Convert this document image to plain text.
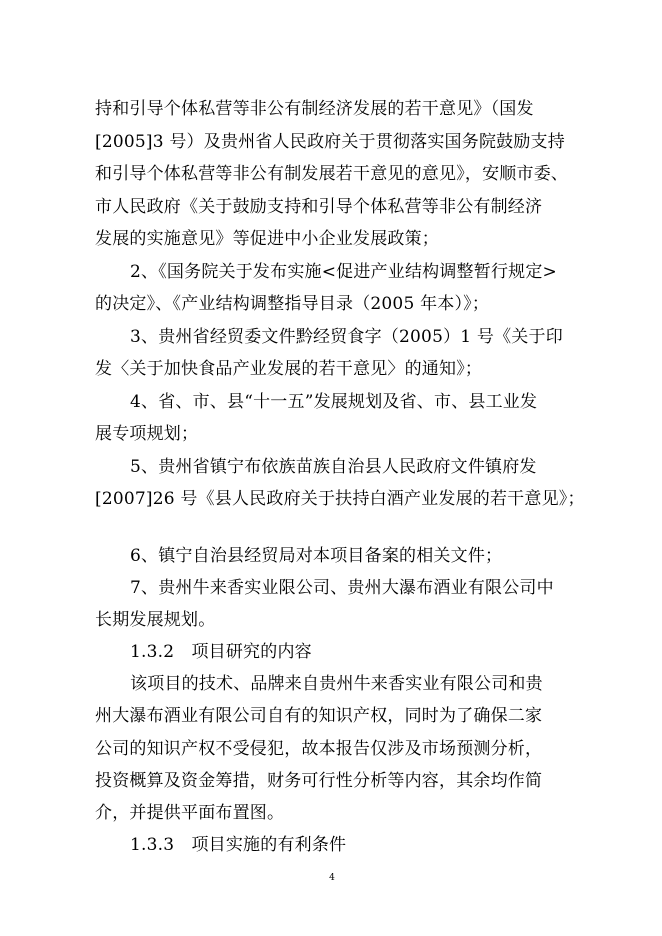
持和引导个体私营等非公有制经济发展的若干意见》（国发
[2005]3 号）及贵州省人民政府关于贯彻落实国务院鼓励支持
和引导个体私营等非公有制发展若干意见的意见》，安顺市委、
市人民政府《关于鼓励支持和引导个体私营等非公有制经济
发展的实施意见》等促进中小企业发展政策；
2、《国务院关于发布实施<促进产业结构调整暂行规定>
的决定》、《产业结构调整指导目录（2005 年本）》；
3、贵州省经贸委文件黔经贸食字（2005）1 号《关于印
发〈关于加快食品产业发展的若干意见〉的通知》；
4、省、市、县“十一五”发展规划及省、市、县工业发
展专项规划；
5、贵州省镇宁布依族苗族自治县人民政府文件镇府发
[2007]26 号《县人民政府关于扶持白酒产业发展的若干意见》；
6、镇宁自治县经贸局对本项目备案的相关文件；
7、贵州牛来香实业限公司、贵州大瀑布酒业有限公司中
长期发展规划。
1.3.2　项目研究的内容
该项目的技术、品牌来自贵州牛来香实业有限公司和贵
州大瀑布酒业有限公司自有的知识产权，同时为了确保二家
公司的知识产权不受侵犯，故本报告仅涉及市场预测分析，
投资概算及资金筹措，财务可行性分析等内容，其余均作简
介，并提供平面布置图。
1.3.3　项目实施的有利条件
4
